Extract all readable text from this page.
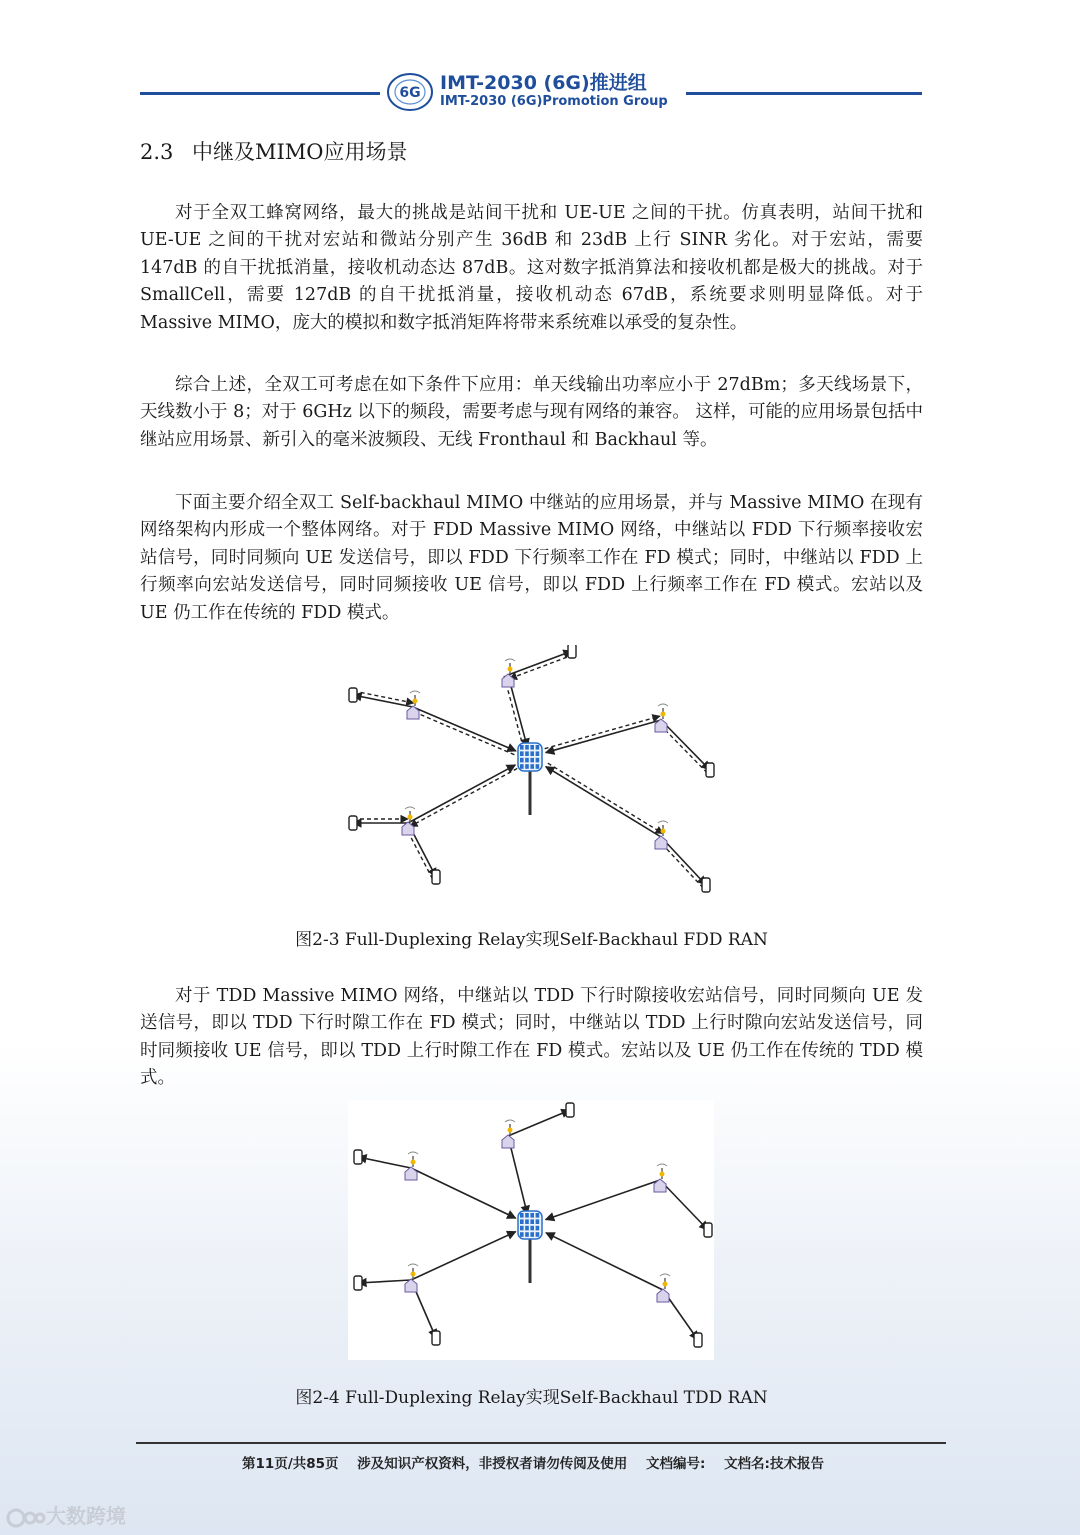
6G IMT-2030 (6G)推进组
IMT-2030 (6G)Promotion Group
2.3 中继及MIMO应用场景

对于全双工蜂窝网络，最大的挑战是站间干扰和 UE-UE 之间的干扰。仿真表明，站间干扰和 UE-UE 之间的干扰对宏站和微站分别产生 36dB 和 23dB 上行 SINR 劣化。对于宏站，需要 147dB 的自干扰抵消量，接收机动态达 87dB。这对数字抵消算法和接收机都是极大的挑战。对于 SmallCell，需要 127dB 的自干扰抵消量，接收机动态 67dB，系统要求则明显降低。对于 Massive MIMO，庞大的模拟和数字抵消矩阵将带来系统难以承受的复杂性。

综合上述，全双工可考虑在如下条件下应用：单天线输出功率应小于 27dBm；多天线场景下，天线数小于 8；对于 6GHz 以下的频段，需要考虑与现有网络的兼容。 这样，可能的应用场景包括中继站应用场景、新引入的毫米波频段、无线 Fronthaul 和 Backhaul 等。

下面主要介绍全双工 Self-backhaul MIMO 中继站的应用场景，并与 Massive MIMO 在现有网络架构内形成一个整体网络。对于 FDD Massive MIMO 网络，中继站以 FDD 下行频率接收宏站信号，同时同频向 UE 发送信号，即以 FDD 下行频率工作在 FD 模式；同时，中继站以 FDD 上行频率向宏站发送信号，同时同频接收 UE 信号，即以 FDD 上行频率工作在 FD 模式。宏站以及 UE 仍工作在传统的 FDD 模式。

图2-3 Full-Duplexing Relay实现Self-Backhaul FDD RAN

对于 TDD Massive MIMO 网络，中继站以 TDD 下行时隙接收宏站信号，同时同频向 UE 发送信号，即以 TDD 下行时隙工作在 FD 模式；同时，中继站以 TDD 上行时隙向宏站发送信号，同时同频接收 UE 信号，即以 TDD 上行时隙工作在 FD 模式。宏站以及 UE 仍工作在传统的 TDD 模式。

图2-4 Full-Duplexing Relay实现Self-Backhaul TDD RAN
第11页/共85页 涉及知识产权资料，非授权者请勿传阅及使用 文档编号: 文档名:技术报告
大数跨境
